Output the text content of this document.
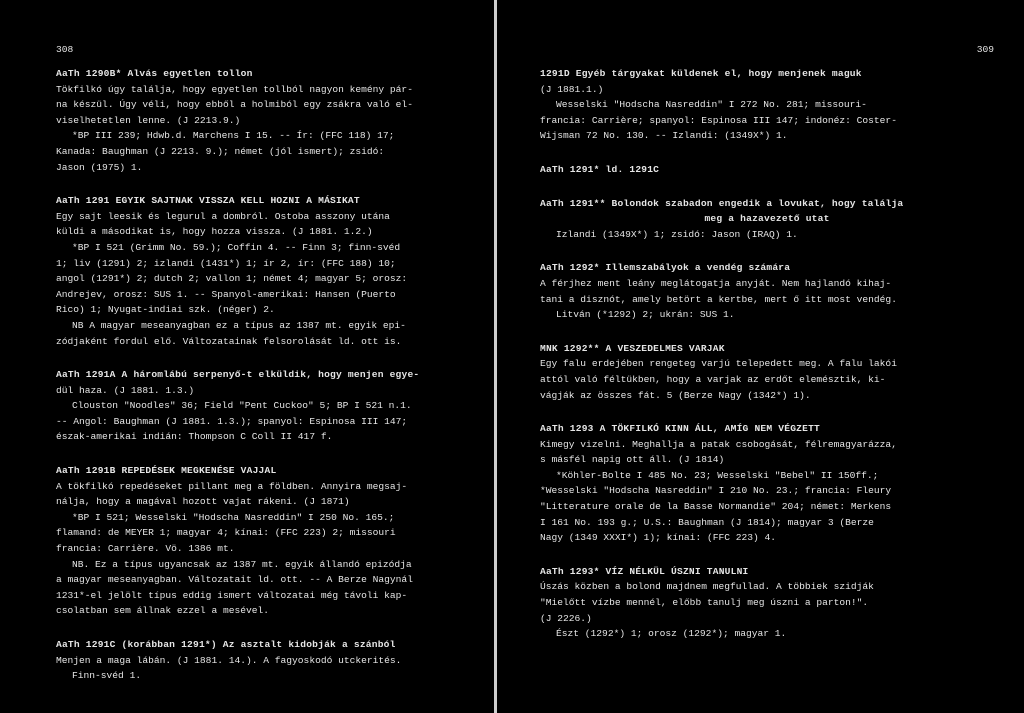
308

AaTh 1290B* Alvás egyetlen tollon

Tökfilkó úgy találja, hogy egyetlen tollból nagyon kemény pár-

na készül. Úgy véli, hogy ebből a holmiból egy zsákra való el-

viselhetetlen lenne. (J 2213.9.)

*BP III 239; Hdwb.d. Marchens I 15. -- Ír: (FFC 118) 17;

Kanada: Baughman (J 2213. 9.); német (jól ismert); zsidó:

Jason (1975) 1.

AaTh 1291 EGYIK SAJTNAK VISSZA KELL HOZNI A MÁSIKAT

Egy sajt leesik és legurul a dombról. Ostoba asszony utána

küldi a másodikat is, hogy hozza vissza. (J 1881. 1.2.)

*BP I 521 (Grimm No. 59.); Coffin 4. -- Finn 3; finn-svéd

1; liv (1291) 2; izlandi (1431*) 1; ír 2, ír: (FFC 188) 10;

angol (1291*) 2; dutch 2; vallon 1; német 4; magyar 5; orosz:

Andrejev, orosz: SUS 1. -- Spanyol-amerikai: Hansen (Puerto

Rico) 1; Nyugat-indiai szk. (néger) 2.

NB A magyar meseanyagban ez a típus az 1387 mt. egyik epi-

zódjaként fordul elő. Változatainak felsorolását ld. ott is.

AaTh 1291A A háromlábú serpenyő-t elküldik, hogy menjen egye-

dül haza. (J 1881. 1.3.)

Clouston "Noodles" 36; Field "Pent Cuckoo" 5; BP I 521 n.1.

-- Angol: Baughman (J 1881. 1.3.); spanyol: Espinosa III 147;

észak-amerikai indián: Thompson C Coll II 417 f.

AaTh 1291B REPEDÉSEK MEGKENÉSE VAJJAL

A tökfilkó repedéseket pillant meg a földben. Annyira megsaj-

nálja, hogy a magával hozott vajat rákeni. (J 1871)

*BP I 521; Wesselski "Hodscha Nasreddin" I 250 No. 165.;

flamand: de MEYER 1; magyar 4; kínai: (FFC 223) 2; missouri

francia: Carrière. Vö. 1386 mt.

NB. Ez a típus ugyancsak az 1387 mt. egyik állandó epizódja

a magyar meseanyagban. Változatait ld. ott. -- A Berze Nagynál

1231*-el jelölt típus eddig ismert változatai még távoli kap-

csolatban sem állnak ezzel a mesével.

AaTh 1291C (korábban 1291*) Az asztalt kidobják a szánból

Menjen a maga lábán. (J 1881. 14.). A fagyoskodó utckerités.

Finn-svéd 1.

309

1291D Egyéb tárgyakat küldenek el, hogy menjenek maguk

(J 1881.1.)

Wesselski "Hodscha Nasreddin" I 272 No. 281; missouri-

francia: Carrière; spanyol: Espinosa III 147; indonéz: Coster-

Wijsman 72 No. 130. -- Izlandi: (1349X*) 1.

AaTh 1291* ld. 1291C

AaTh 1291** Bolondok szabadon engedik a lovukat, hogy találja

meg a hazavezető utat

Izlandi (1349X*) 1; zsidó: Jason (IRAQ) 1.

AaTh 1292* Illemszabályok a vendég számára

A férjhez ment leány meglátogatja anyját. Nem hajlandó kihaj-

tani a disznót, amely betört a kertbe, mert ő itt most vendég.

Litván (*1292) 2; ukrán: SUS 1.

MNK 1292** A VESZEDELMES VARJAK

Egy falu erdejében rengeteg varjú telepedett meg. A falu lakói

attól való féltükben, hogy a varjak az erdőt elemésztik, ki-

vágják az összes fát. 5 (Berze Nagy (1342*) 1).

AaTh 1293 A TÖKFILKÓ KINN ÁLL, AMÍG NEM VÉGZETT

Kimegy vizelni. Meghallja a patak csobogását, félremagyarázza,

s másfél napig ott áll. (J 1814)

*Köhler-Bolte I 485 No. 23; Wesselski "Bebel" II 150ff.;

*Wesselski "Hodscha Nasreddin" I 210 No. 23.; francia: Fleury

"Litterature orale de la Basse Normandie" 204; német: Merkens

I 161 No. 193 g.; U.S.: Baughman (J 1814); magyar 3 (Berze

Nagy (1349 XXXI*) 1); kínai: (FFC 223) 4.

AaTh 1293* VÍZ NÉLKÜL ÚSZNI TANULNI

Úszás közben a bolond majdnem megfullad. A többiek szidják

"Mielőtt vízbe mennél, előbb tanulj meg úszni a parton!".

(J 2226.)

Észt (1292*) 1; orosz (1292*); magyar 1.
